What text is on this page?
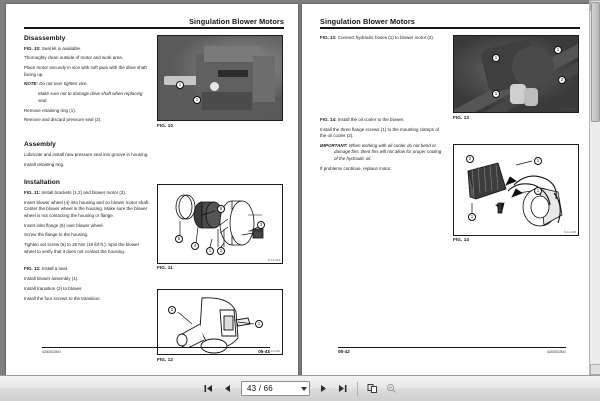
Singulation Blower Motors
Disassembly

FIG. 10: Seal kit is available.

Thoroughly clean outside of motor and work area.

Place motor securely in vice with soft jaws with the drive shaft facing up.

NOTE: Do not over tighten vice.

Make sure not to damage drive shaft when replacing seal.

Remove retaining ring (1).

Remove and discard pressure seal (2).

Assembly

Lubricate and install new pressure seal into groove in housing.

Install retaining ring.

Installation

FIG. 11: Install brackets (1,2) and blower motor (3).

Insert blower wheel (4) into housing and on blower motor shaft. Center the blower wheel in the housing. Make sure the blower wheel is not contacting the housing or flange.

Insert inlet flange (5) over blower wheel.

Screw the flange to the housing.

Tighten set screw (6) to 26 Nm (19 lbf.ft.). Spin the blower wheel to verify that it does not contact the housing.

FIG. 12: Install a seal.

Install blower assembly (1).

Install transition (2) to blower.

Install the four screws to the transition.

1
2
P4-2001
FIG. 10
5
4
1	2
6
3
D-1A-003
FIG. 11
2
1
D-1A-020
FIG. 12
4283533M1	05-41
Singulation Blower Motors

FIG. 13: Connect hydraulic hoses (1) to blower motor (2).

FIG. 14: Install the oil cooler to the blower.

Install the three flange screws (1) to the mounting clamps of the oil cooler (2).

IMPORTANT: When working with oil cooler do not bend or damage fins. Bent fins will not allow for proper cooling of the hydraulic oil.

If problems continue, replace motor.

1
1
1
2
P5-11008-3
FIG. 13
2	1
1
1
D-1A-008
FIG. 14
05-42	4283533M1
43 / 66
